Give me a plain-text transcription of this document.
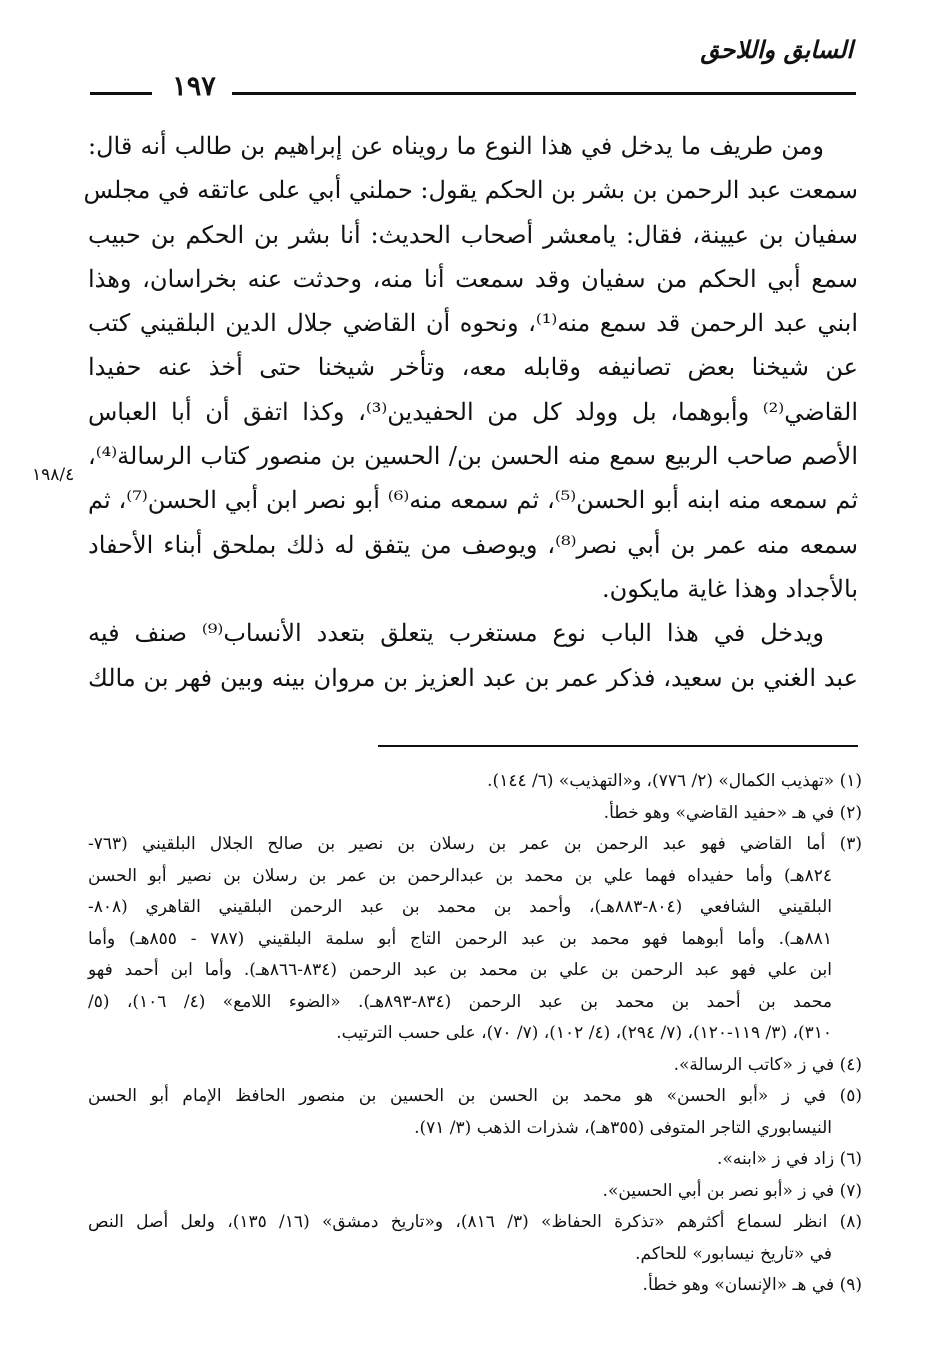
السابق واللاحق
١٩٧
ومن طريف ما يدخل في هذا النوع ما رويناه عن إبراهيم بن طالب أنه قال:
سمعت عبد الرحمن بن بشر بن الحكم يقول: حملني أبي على عاتقه في مجلس
سفيان بن عيينة، فقال: يامعشر أصحاب الحديث: أنا بشر بن الحكم بن حبيب
سمع أبي الحكم من سفيان وقد سمعت أنا منه، وحدثت عنه بخراسان، وهذا
ابني عبد الرحمن قد سمع منه⁽¹⁾، ونحوه أن القاضي جلال الدين البلقيني كتب
عن شيخنا بعض تصانيفه وقابله معه، وتأخر شيخنا حتى أخذ عنه حفيدا
القاضي⁽²⁾ وأبوهما، بل وولد كل من الحفيدين⁽³⁾، وكذا اتفق أن أبا العباس
الأصم صاحب الربيع سمع منه الحسن بن/ الحسين بن منصور كتاب الرسالة⁽⁴⁾،
ثم سمعه منه ابنه أبو الحسن⁽⁵⁾، ثم سمعه منه⁽⁶⁾ أبو نصر ابن أبي الحسن⁽⁷⁾، ثم
سمعه منه عمر بن أبي نصر⁽⁸⁾، ويوصف من يتفق له ذلك بملحق أبناء الأحفاد
بالأجداد وهذا غاية مايكون.
ويدخل في هذا الباب نوع مستغرب يتعلق بتعدد الأنساب⁽⁹⁾ صنف فيه
عبد الغني بن سعيد، فذكر عمر بن عبد العزيز بن مروان بينه وبين فهر بن مالك
١٩٨/٤
(١) «تهذيب الكمال» (٢/ ٧٧٦)، و«التهذيب» (٦/ ١٤٤).
(٢) في هـ «حفيد القاضي» وهو خطأ.
(٣) أما القاضي فهو عبد الرحمن بن عمر بن رسلان بن نصير بن صالح الجلال البلقيني (٧٦٣-
٨٢٤هـ) وأما حفيداه فهما علي بن محمد بن عبدالرحمن بن عمر بن رسلان بن نصير أبو الحسن
البلقيني الشافعي (٨٠٤-٨٨٣هـ)، وأحمد بن محمد بن عبد الرحمن البلقيني القاهري (٨٠٨-
٨٨١هـ). وأما أبوهما فهو محمد بن عبد الرحمن التاج أبو سلمة البلقيني (٧٨٧ - ٨٥٥هـ) وأما
ابن علي فهو عبد الرحمن بن علي بن محمد بن عبد الرحمن (٨٣٤-٨٦٦هـ). وأما ابن أحمد فهو
محمد بن أحمد بن محمد بن عبد الرحمن (٨٣٤-٨٩٣هـ). «الضوء اللامع» (٤/ ١٠٦)، (٥/
٣١٠)، (٣/ ١١٩-١٢٠)، (٧/ ٢٩٤)، (٤/ ١٠٢)، (٧/ ٧٠)، على حسب الترتيب.
(٤) في ز «كاتب الرسالة».
(٥) في ز «أبو الحسن» هو محمد بن الحسن بن الحسين بن منصور الحافظ الإمام أبو الحسن
النيسابوري التاجر المتوفى (٣٥٥هـ)، شذرات الذهب (٣/ ٧١).
(٦) زاد في ز «ابنه».
(٧) في ز «أبو نصر بن أبي الحسين».
(٨) انظر لسماع أكثرهم «تذكرة الحفاظ» (٣/ ٨١٦)، و«تاريخ دمشق» (١٦/ ١٣٥)، ولعل أصل النص
في «تاريخ نيسابور» للحاكم.
(٩) في هـ «الإنسان» وهو خطأ.
